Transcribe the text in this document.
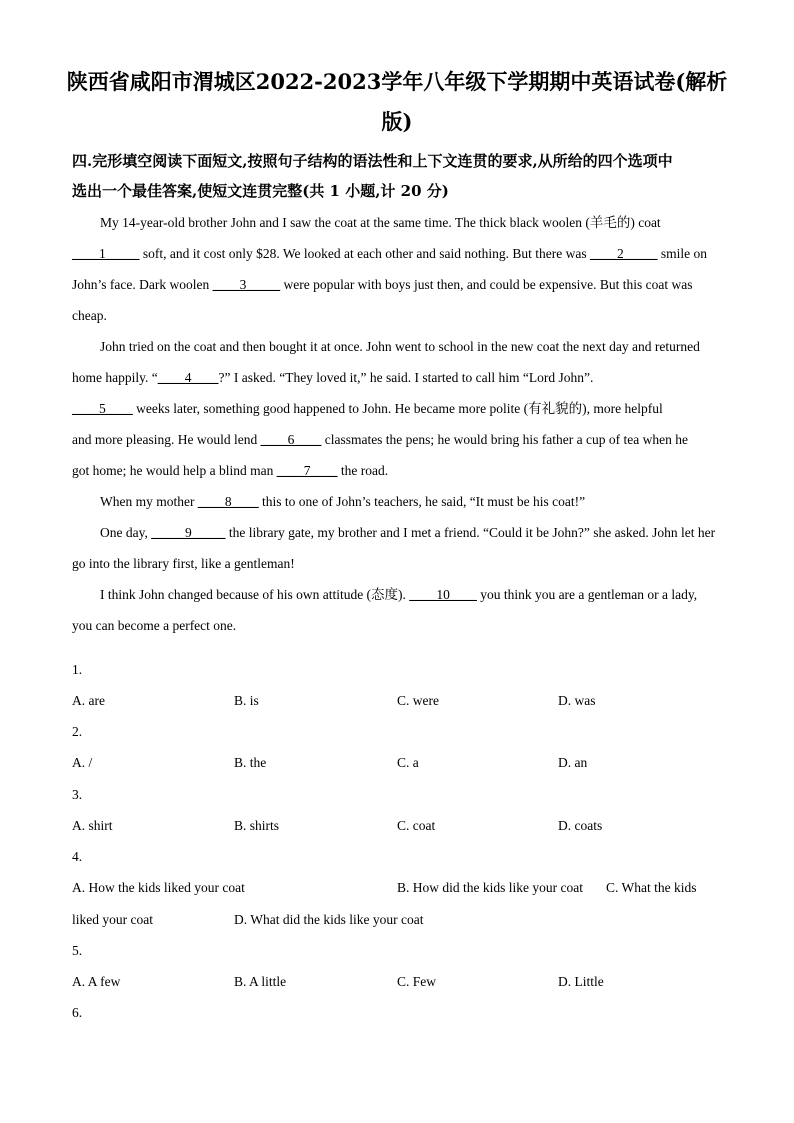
陕西省咸阳市渭城区2022-2023学年八年级下学期期中英语试卷(解析
版)
四.完形填空阅读下面短文,按照句子结构的语法性和上下文连贯的要求,从所给的四个选项中
选出一个最佳答案,使短文连贯完整(共 1 小题,计 20 分)

My 14-year-old brother John and I saw the coat at the same time. The thick black woolen (羊毛的) coat
____1_____ soft, and it cost only $28. We looked at each other and said nothing. But there was ____2_____ smile on
John’s face. Dark woolen ____3_____ were popular with boys just then, and could be expensive. But this coat was
cheap.

John tried on the coat and then bought it at once. John went to school in the new coat the next day and returned
home happily. “____4____?” I asked. “They loved it,” he said. I started to call him “Lord John”.

____5____ weeks later, something good happened to John. He became more polite (有礼貌的), more helpful
and more pleasing. He would lend ____6____ classmates the pens; he would bring his father a cup of tea when he
got home; he would help a blind man ____7____ the road.

When my mother ____8____ this to one of John’s teachers, he said, “It must be his coat!”

One day, _____9_____ the library gate, my brother and I met a friend. “Could it be John?” she asked. John let her
go into the library first, like a gentleman!

I think John changed because of his own attitude (态度). ____10____ you think you are a gentleman or a lady,
you can become a perfect one.

1.
A. are	B. is	C. were	D. was
2.
A. /	B. the	C. a	D. an
3.
A. shirt	B. shirts	C. coat	D. coats
4.
A. How the kids liked your coat	B. How did the kids like your coat C. What the kids
liked your coat	D. What did the kids like your coat
5.
A. A few	B. A little	C. Few	D. Little
6.
